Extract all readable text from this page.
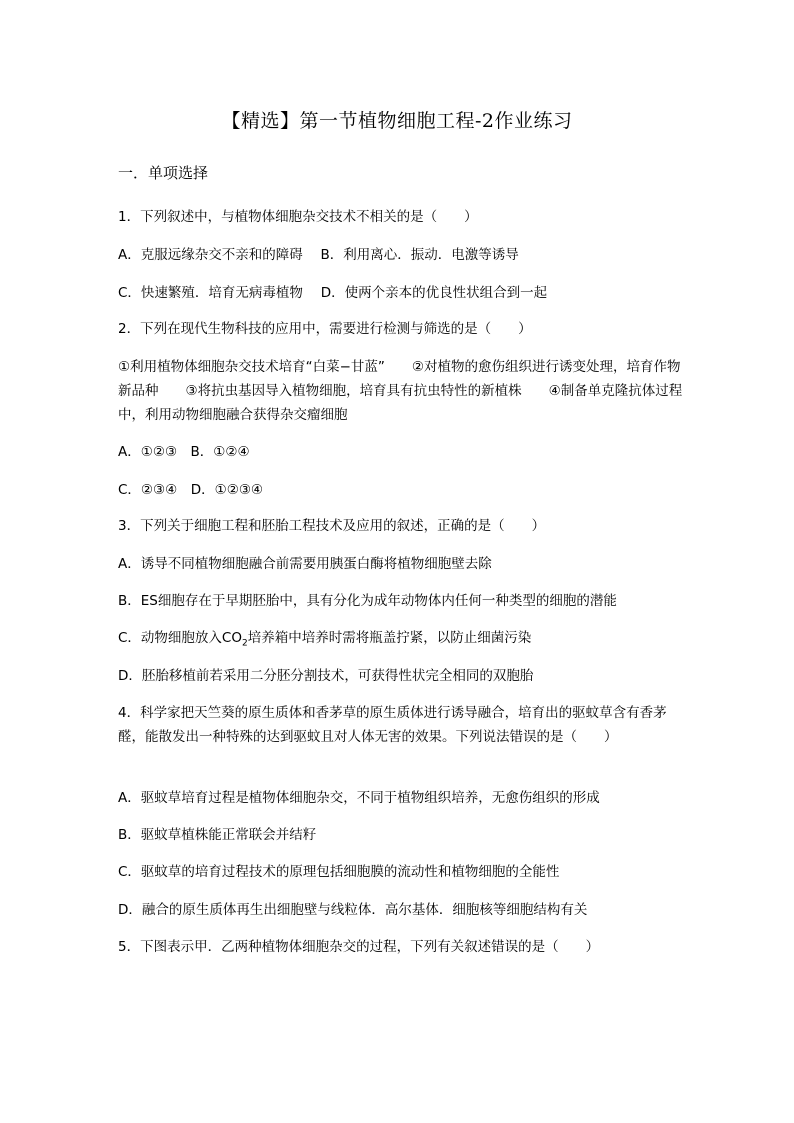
【精选】第一节植物细胞工程-2作业练习
一．单项选择
1．下列叙述中，与植物体细胞杂交技术不相关的是（　　）
A．克服远缘杂交不亲和的障碍　 B．利用离心．振动．电激等诱导
C．快速繁殖．培育无病毒植物　 D．使两个亲本的优良性状组合到一起
2．下列在现代生物科技的应用中，需要进行检测与筛选的是（　　）
①利用植物体细胞杂交技术培育“白菜−甘蓝”　　②对植物的愈伤组织进行诱变处理，培育作物新品种　　③将抗虫基因导入植物细胞，培育具有抗虫特性的新植株　　④制备单克隆抗体过程中，利用动物细胞融合获得杂交瘤细胞
A．①②③　B．①②④
C．②③④　D．①②③④
3．下列关于细胞工程和胚胎工程技术及应用的叙述，正确的是（　　）
A．诱导不同植物细胞融合前需要用胰蛋白酶将植物细胞壁去除
B．ES细胞存在于早期胚胎中，具有分化为成年动物体内任何一种类型的细胞的潜能
C．动物细胞放入$CO_2$培养箱中培养时需将瓶盖拧紧，以防止细菌污染
D．胚胎移植前若采用二分胚分割技术，可获得性状完全相同的双胞胎
4．科学家把天竺葵的原生质体和香茅草的原生质体进行诱导融合，培育出的驱蚊草含有香茅醛，能散发出一种特殊的达到驱蚊且对人体无害的效果。下列说法错误的是（　　）
A．驱蚊草培育过程是植物体细胞杂交，不同于植物组织培养，无愈伤组织的形成
B．驱蚊草植株能正常联会并结籽
C．驱蚊草的培育过程技术的原理包括细胞膜的流动性和植物细胞的全能性
D．融合的原生质体再生出细胞壁与线粒体．高尔基体．细胞核等细胞结构有关
5．下图表示甲．乙两种植物体细胞杂交的过程，下列有关叙述错误的是（　　）
